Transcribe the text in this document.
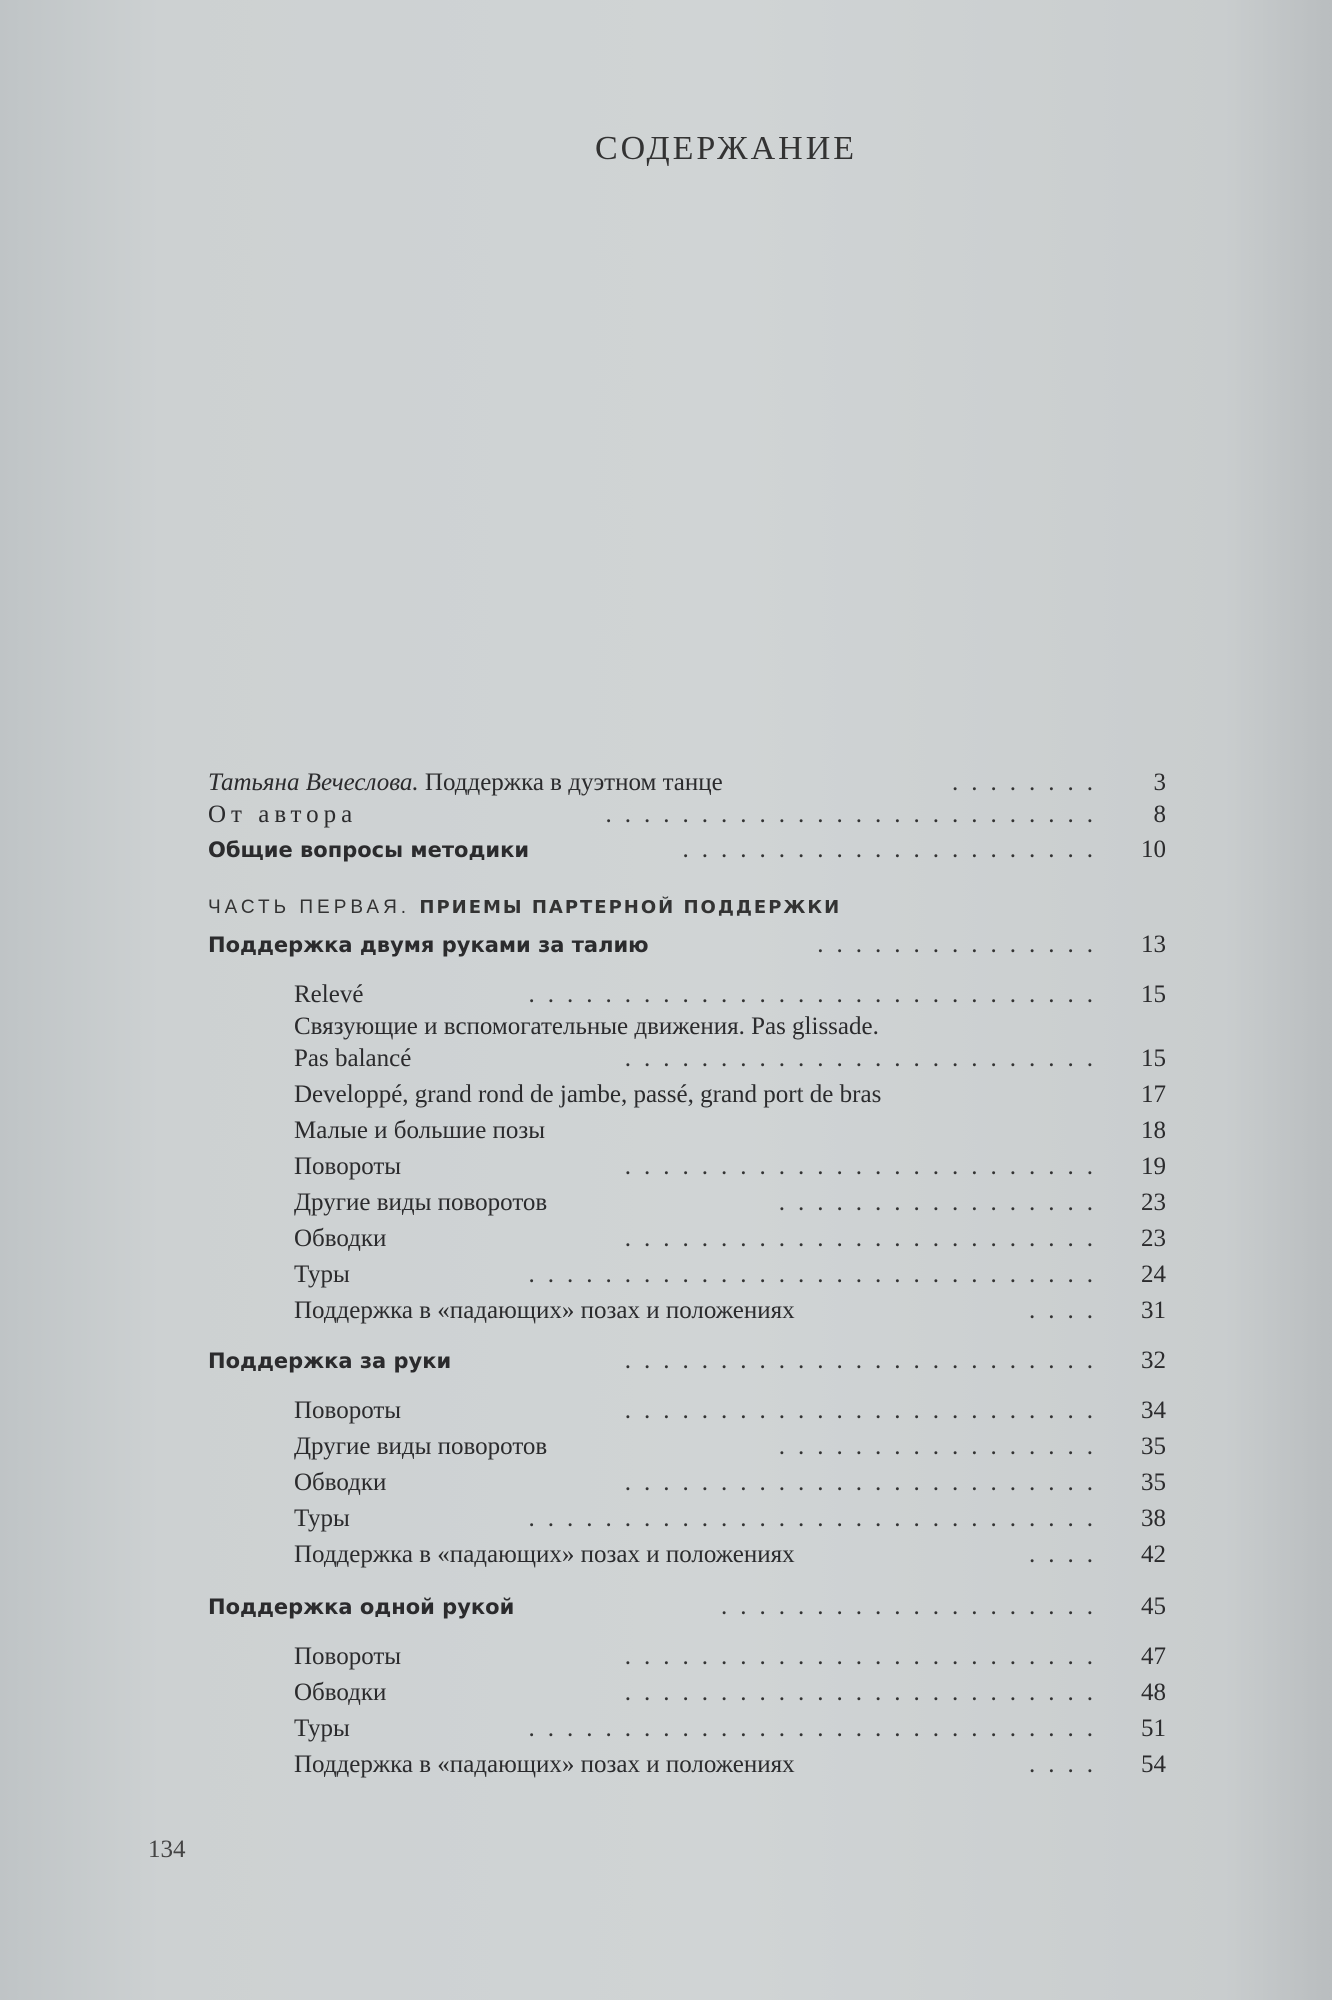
СОДЕРЖАНИЕ
Татьяна Вечеслова. Поддержка в дуэтном танце	........	3
От автора	..........................	8
Общие вопросы методики	......................	10
ЧАСТЬ ПЕРВАЯ. ПРИЕМЫ ПАРТЕРНОЙ ПОДДЕРЖКИ
Поддержка двумя руками за талию	...............	13
Relevé	..............................	15
Связующие и вспомогательные движения. Pas glissade.
Pas balancé	.........................	15
Developpé, grand rond de jambe, passé, grand port de bras	17
Малые и большие позы	18
Повороты	.........................	19
Другие виды поворотов	.................	23
Обводки	.........................	23
Туры	..............................	24
Поддержка в «падающих» позах и положениях	....	31
Поддержка за руки	.........................	32
Повороты	.........................	34
Другие виды поворотов	.................	35
Обводки	.........................	35
Туры	..............................	38
Поддержка в «падающих» позах и положениях	....	42
Поддержка одной рукой	....................	45
Повороты	.........................	47
Обводки	.........................	48
Туры	..............................	51
Поддержка в «падающих» позах и положениях	....	54
134
